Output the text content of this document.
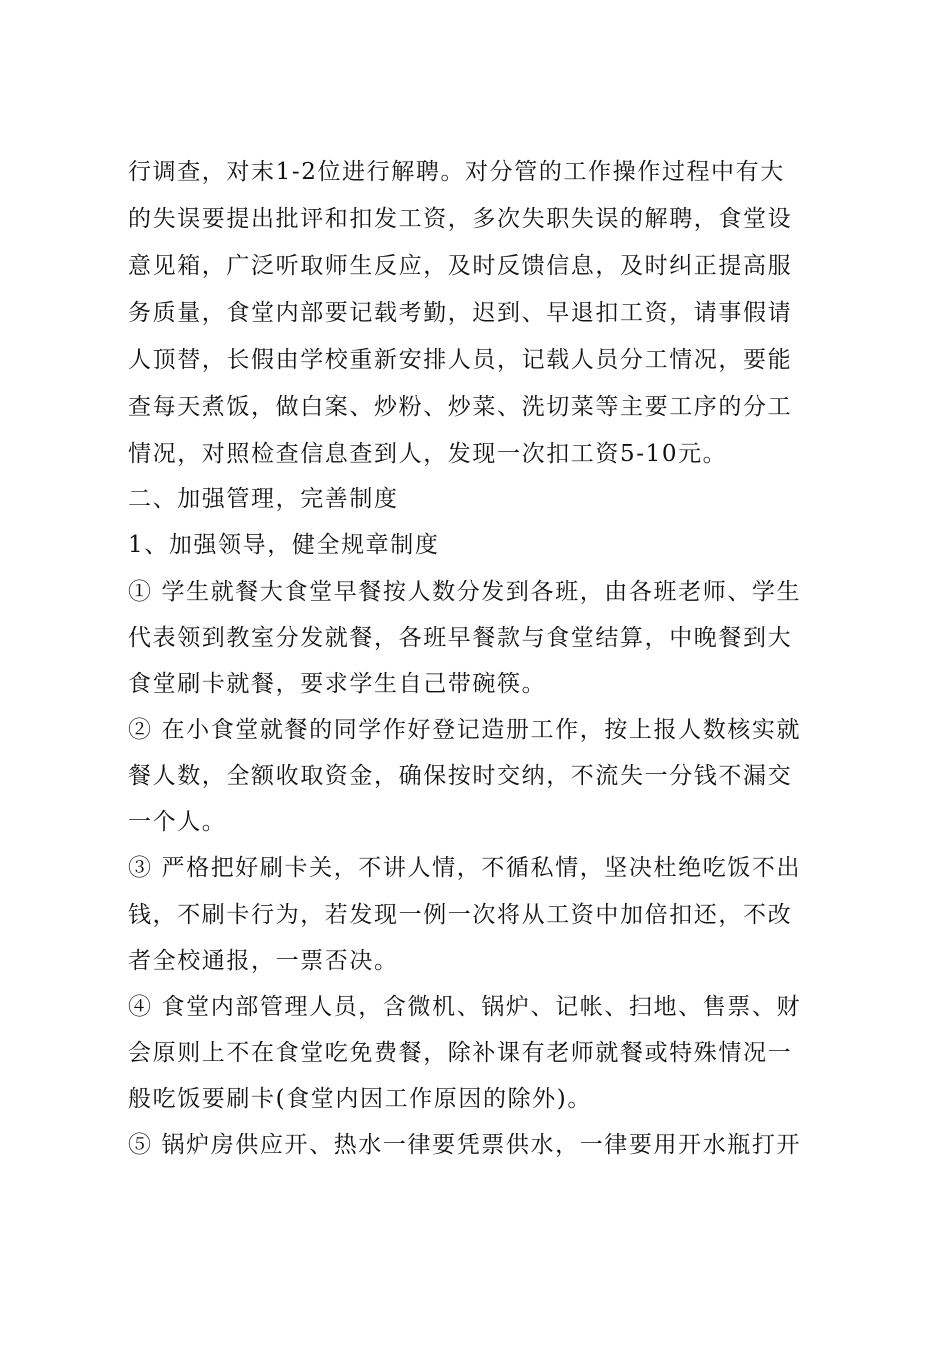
行调查，对末1-2位进行解聘。对分管的工作操作过程中有大
的失误要提出批评和扣发工资，多次失职失误的解聘，食堂设
意见箱，广泛听取师生反应，及时反馈信息，及时纠正提高服
务质量，食堂内部要记载考勤，迟到、早退扣工资，请事假请
人顶替，长假由学校重新安排人员，记载人员分工情况，要能
查每天煮饭，做白案、炒粉、炒菜、洗切菜等主要工序的分工
情况，对照检查信息查到人，发现一次扣工资5-10元。
二、加强管理，完善制度
1、加强领导，健全规章制度
① 学生就餐大食堂早餐按人数分发到各班，由各班老师、学生
代表领到教室分发就餐，各班早餐款与食堂结算，中晚餐到大
食堂刷卡就餐，要求学生自己带碗筷。
② 在小食堂就餐的同学作好登记造册工作，按上报人数核实就
餐人数，全额收取资金，确保按时交纳，不流失一分钱不漏交
一个人。
③ 严格把好刷卡关，不讲人情，不循私情，坚决杜绝吃饭不出
钱，不刷卡行为，若发现一例一次将从工资中加倍扣还，不改
者全校通报，一票否决。
④ 食堂内部管理人员，含微机、锅炉、记帐、扫地、售票、财
会原则上不在食堂吃免费餐，除补课有老师就餐或特殊情况一
般吃饭要刷卡(食堂内因工作原因的除外)。
⑤ 锅炉房供应开、热水一律要凭票供水，一律要用开水瓶打开
